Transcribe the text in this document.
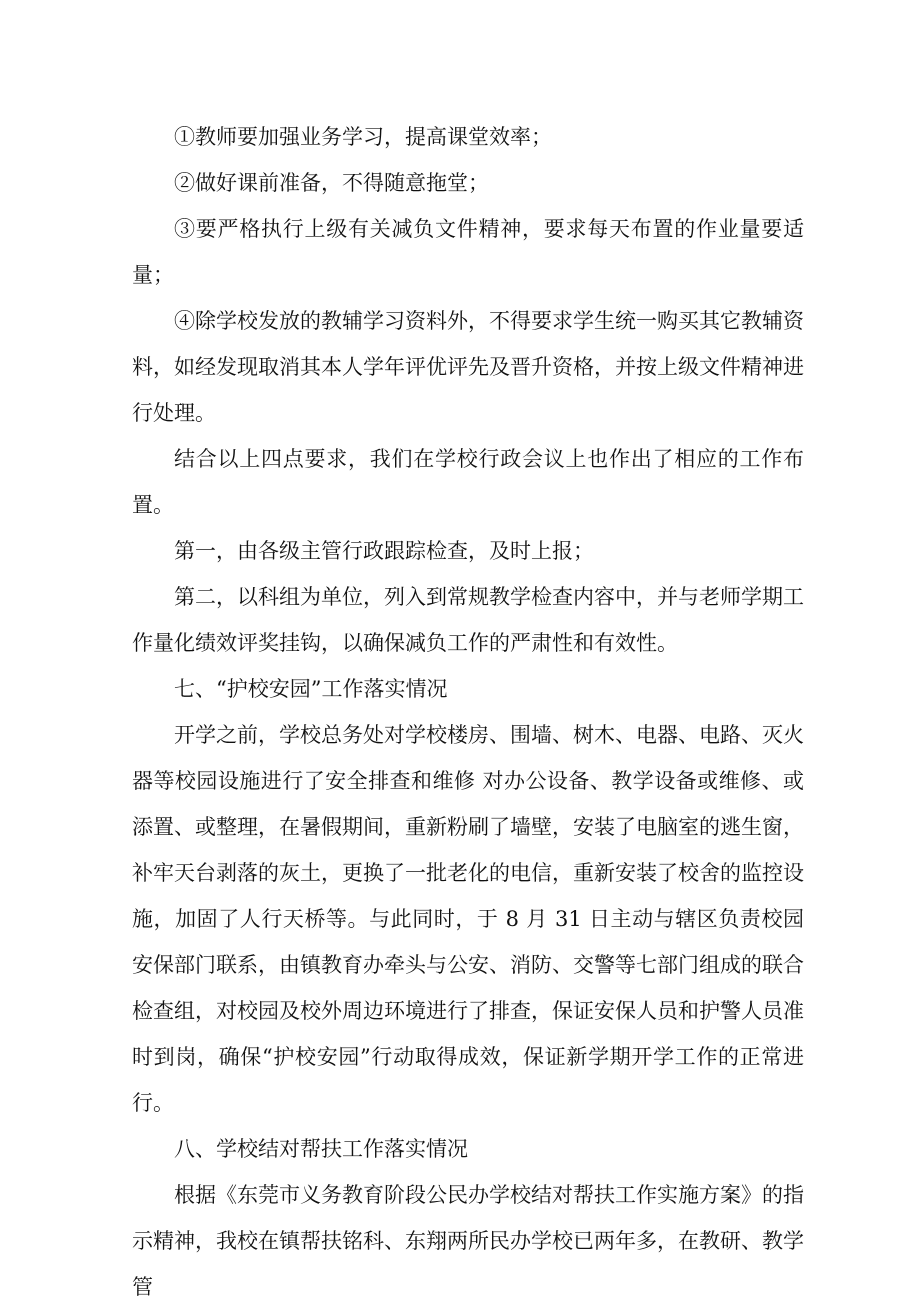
①教师要加强业务学习，提高课堂效率；

②做好课前准备，不得随意拖堂；

③要严格执行上级有关减负文件精神，要求每天布置的作业量要适量；

④除学校发放的教辅学习资料外，不得要求学生统一购买其它教辅资料，如经发现取消其本人学年评优评先及晋升资格，并按上级文件精神进行处理。

结合以上四点要求，我们在学校行政会议上也作出了相应的工作布置。

第一，由各级主管行政跟踪检查，及时上报；

第二，以科组为单位，列入到常规教学检查内容中，并与老师学期工作量化绩效评奖挂钩，以确保减负工作的严肃性和有效性。

七、“护校安园”工作落实情况

开学之前，学校总务处对学校楼房、围墙、树木、电器、电路、灭火器等校园设施进行了安全排查和维修 对办公设备、教学设备或维修、或添置、或整理，在暑假期间，重新粉刷了墙壁，安装了电脑室的逃生窗，补牢天台剥落的灰土，更换了一批老化的电信，重新安装了校舍的监控设施，加固了人行天桥等。与此同时，于 8 月 31 日主动与辖区负责校园安保部门联系，由镇教育办牵头与公安、消防、交警等七部门组成的联合检查组，对校园及校外周边环境进行了排查，保证安保人员和护警人员准时到岗，确保“护校安园”行动取得成效，保证新学期开学工作的正常进行。

八、学校结对帮扶工作落实情况

根据《东莞市义务教育阶段公民办学校结对帮扶工作实施方案》的指示精神，我校在镇帮扶铭科、东翔两所民办学校已两年多，在教研、教学管
